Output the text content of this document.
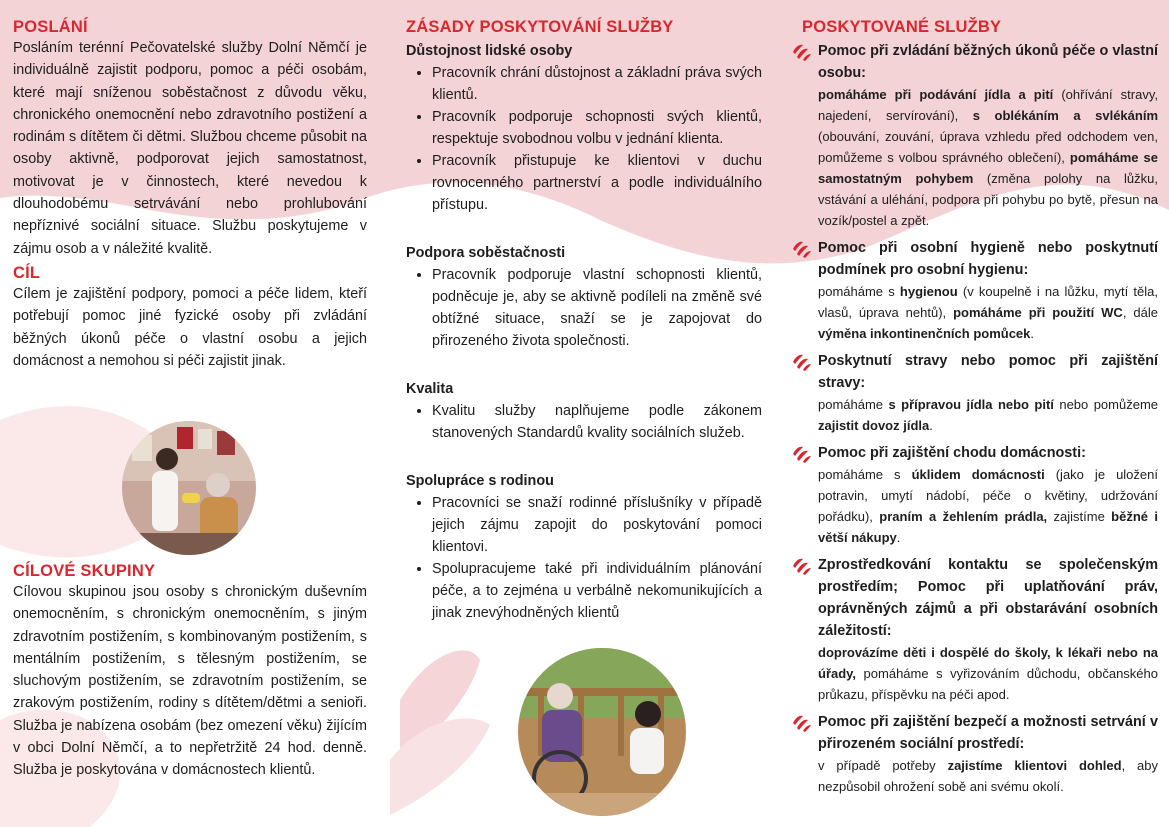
POSLÁNÍ

Posláním terénní Pečovatelské služby Dolní Němčí je individuálně zajistit podporu, pomoc a péči osobám, které mají sníženou soběstačnost z důvodu věku, chronického onemocnění nebo zdravotního postižení a rodinám s dítětem či dětmi. Službou chceme působit na osoby aktivně, podporovat jejich samostatnost, motivovat je v činnostech, které nevedou k dlouhodobému setrvávání nebo prohlubování nepříznivé sociální situace. Službu poskytujeme v zájmu osob a v náležité kvalitě.

CÍL

Cílem je zajištění podpory, pomoci a péče lidem, kteří potřebují pomoc jiné fyzické osoby při zvládání běžných úkonů péče o vlastní osobu a jejich domácnost a nemohou si péči zajistit jinak.

CÍLOVÉ SKUPINY

Cílovou skupinou jsou osoby s chronickým duševním onemocněním, s chronickým onemocněním, s jiným zdravotním postižením, s kombinovaným postižením, s mentálním postižením, s tělesným postižením, se sluchovým postižením, se zdravotním postižením, se zrakovým postižením, rodiny s dítětem/dětmi a senioři. Služba je nabízena osobám (bez omezení věku) žijícím v obci Dolní Němčí, a to nepřetržitě 24 hod. denně. Služba je poskytována v domácnostech klientů.

ZÁSADY POSKYTOVÁNÍ SLUŽBY
Důstojnost lidské osoby
• Pracovník chrání důstojnost a základní práva svých klientů.
• Pracovník podporuje schopnosti svých klientů, respektuje svobodnou volbu v jednání klienta.
• Pracovník přistupuje ke klientovi v duchu rovnocenného partnerství a podle individuálního přístupu.
Podpora soběstačnosti
• Pracovník podporuje vlastní schopnosti klientů, podněcuje je, aby se aktivně podíleli na změně své obtížné situace, snaží se je zapojovat do přirozeného života společnosti.
Kvalita
• Kvalitu služby naplňujeme podle zákonem stanovených Standardů kvality sociálních služeb.
Spolupráce s rodinou
• Pracovníci se snaží rodinné příslušníky v případě jejich zájmu zapojit do poskytování pomoci klientovi.
• Spolupracujeme také při individuálním plánování péče, a to zejména u verbálně nekomunikujících a jinak znevýhodněných klientů
POSKYTOVANÉ SLUŽBY
Pomoc při zvládání běžných úkonů péče o vlastní osobu:
pomáháme při podávání jídla a pití (ohřívání stravy, najedení, servírování), s oblékáním a svlékáním (obouvání, zouvání, úprava vzhledu před odchodem ven, pomůžeme s volbou správného oblečení), pomáháme se samostatným pohybem (změna polohy na lůžku, vstávání a uléhání, podpora při pohybu po bytě, přesun na vozík/postel a zpět.
Pomoc při osobní hygieně nebo poskytnutí podmínek pro osobní hygienu:
pomáháme s hygienou (v koupelně i na lůžku, mytí těla, vlasů, úprava nehtů), pomáháme při použití WC, dále výměna inkontinenčních pomůcek.
Poskytnutí stravy nebo pomoc při zajištění stravy:
pomáháme s přípravou jídla nebo pití nebo pomůžeme zajistit dovoz jídla.
Pomoc při zajištění chodu domácnosti:
pomáháme s úklidem domácnosti (jako je uložení potravin, umytí nádobí, péče o květiny, udržování pořádku), praním a žehlením prádla, zajistíme běžné i větší nákupy.
Zprostředkování kontaktu se společenským prostředím; Pomoc při uplatňování práv, oprávněných zájmů a při obstarávání osobních záležitostí:
doprovázíme děti i dospělé do školy, k lékaři nebo na úřady, pomáháme s vyřizováním důchodu, občanského průkazu, příspěvku na péči apod.
Pomoc při zajištění bezpečí a možnosti setrvání v přirozeném sociální prostředí:
v případě potřeby zajistíme klientovi dohled, aby nezpůsobil ohrožení sobě ani svému okolí.
